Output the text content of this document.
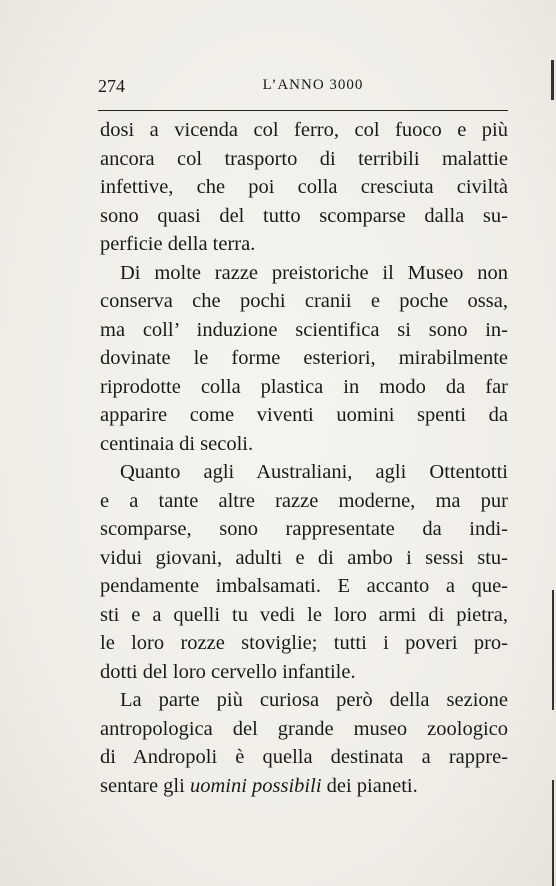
274	L’ANNO 3000
dosi a vicenda col ferro, col fuoco e più
ancora col trasporto di terribili malattie
infettive, che poi colla cresciuta civiltà
sono quasi del tutto scomparse dalla su-
perficie della terra.
Di molte razze preistoriche il Museo non
conserva che pochi cranii e poche ossa,
ma coll’ induzione scientifica si sono in-
dovinate le forme esteriori, mirabilmente
riprodotte colla plastica in modo da far
apparire come viventi uomini spenti da
centinaia di secoli.
Quanto agli Australiani, agli Ottentotti
e a tante altre razze moderne, ma pur
scomparse, sono rappresentate da indi-
vidui giovani, adulti e di ambo i sessi stu-
pendamente imbalsamati. E accanto a que-
sti e a quelli tu vedi le loro armi di pietra,
le loro rozze stoviglie; tutti i poveri pro-
dotti del loro cervello infantile.
La parte più curiosa però della sezione
antropologica del grande museo zoologico
di Andropoli è quella destinata a rappre-
sentare gli uomini possibili dei pianeti.
